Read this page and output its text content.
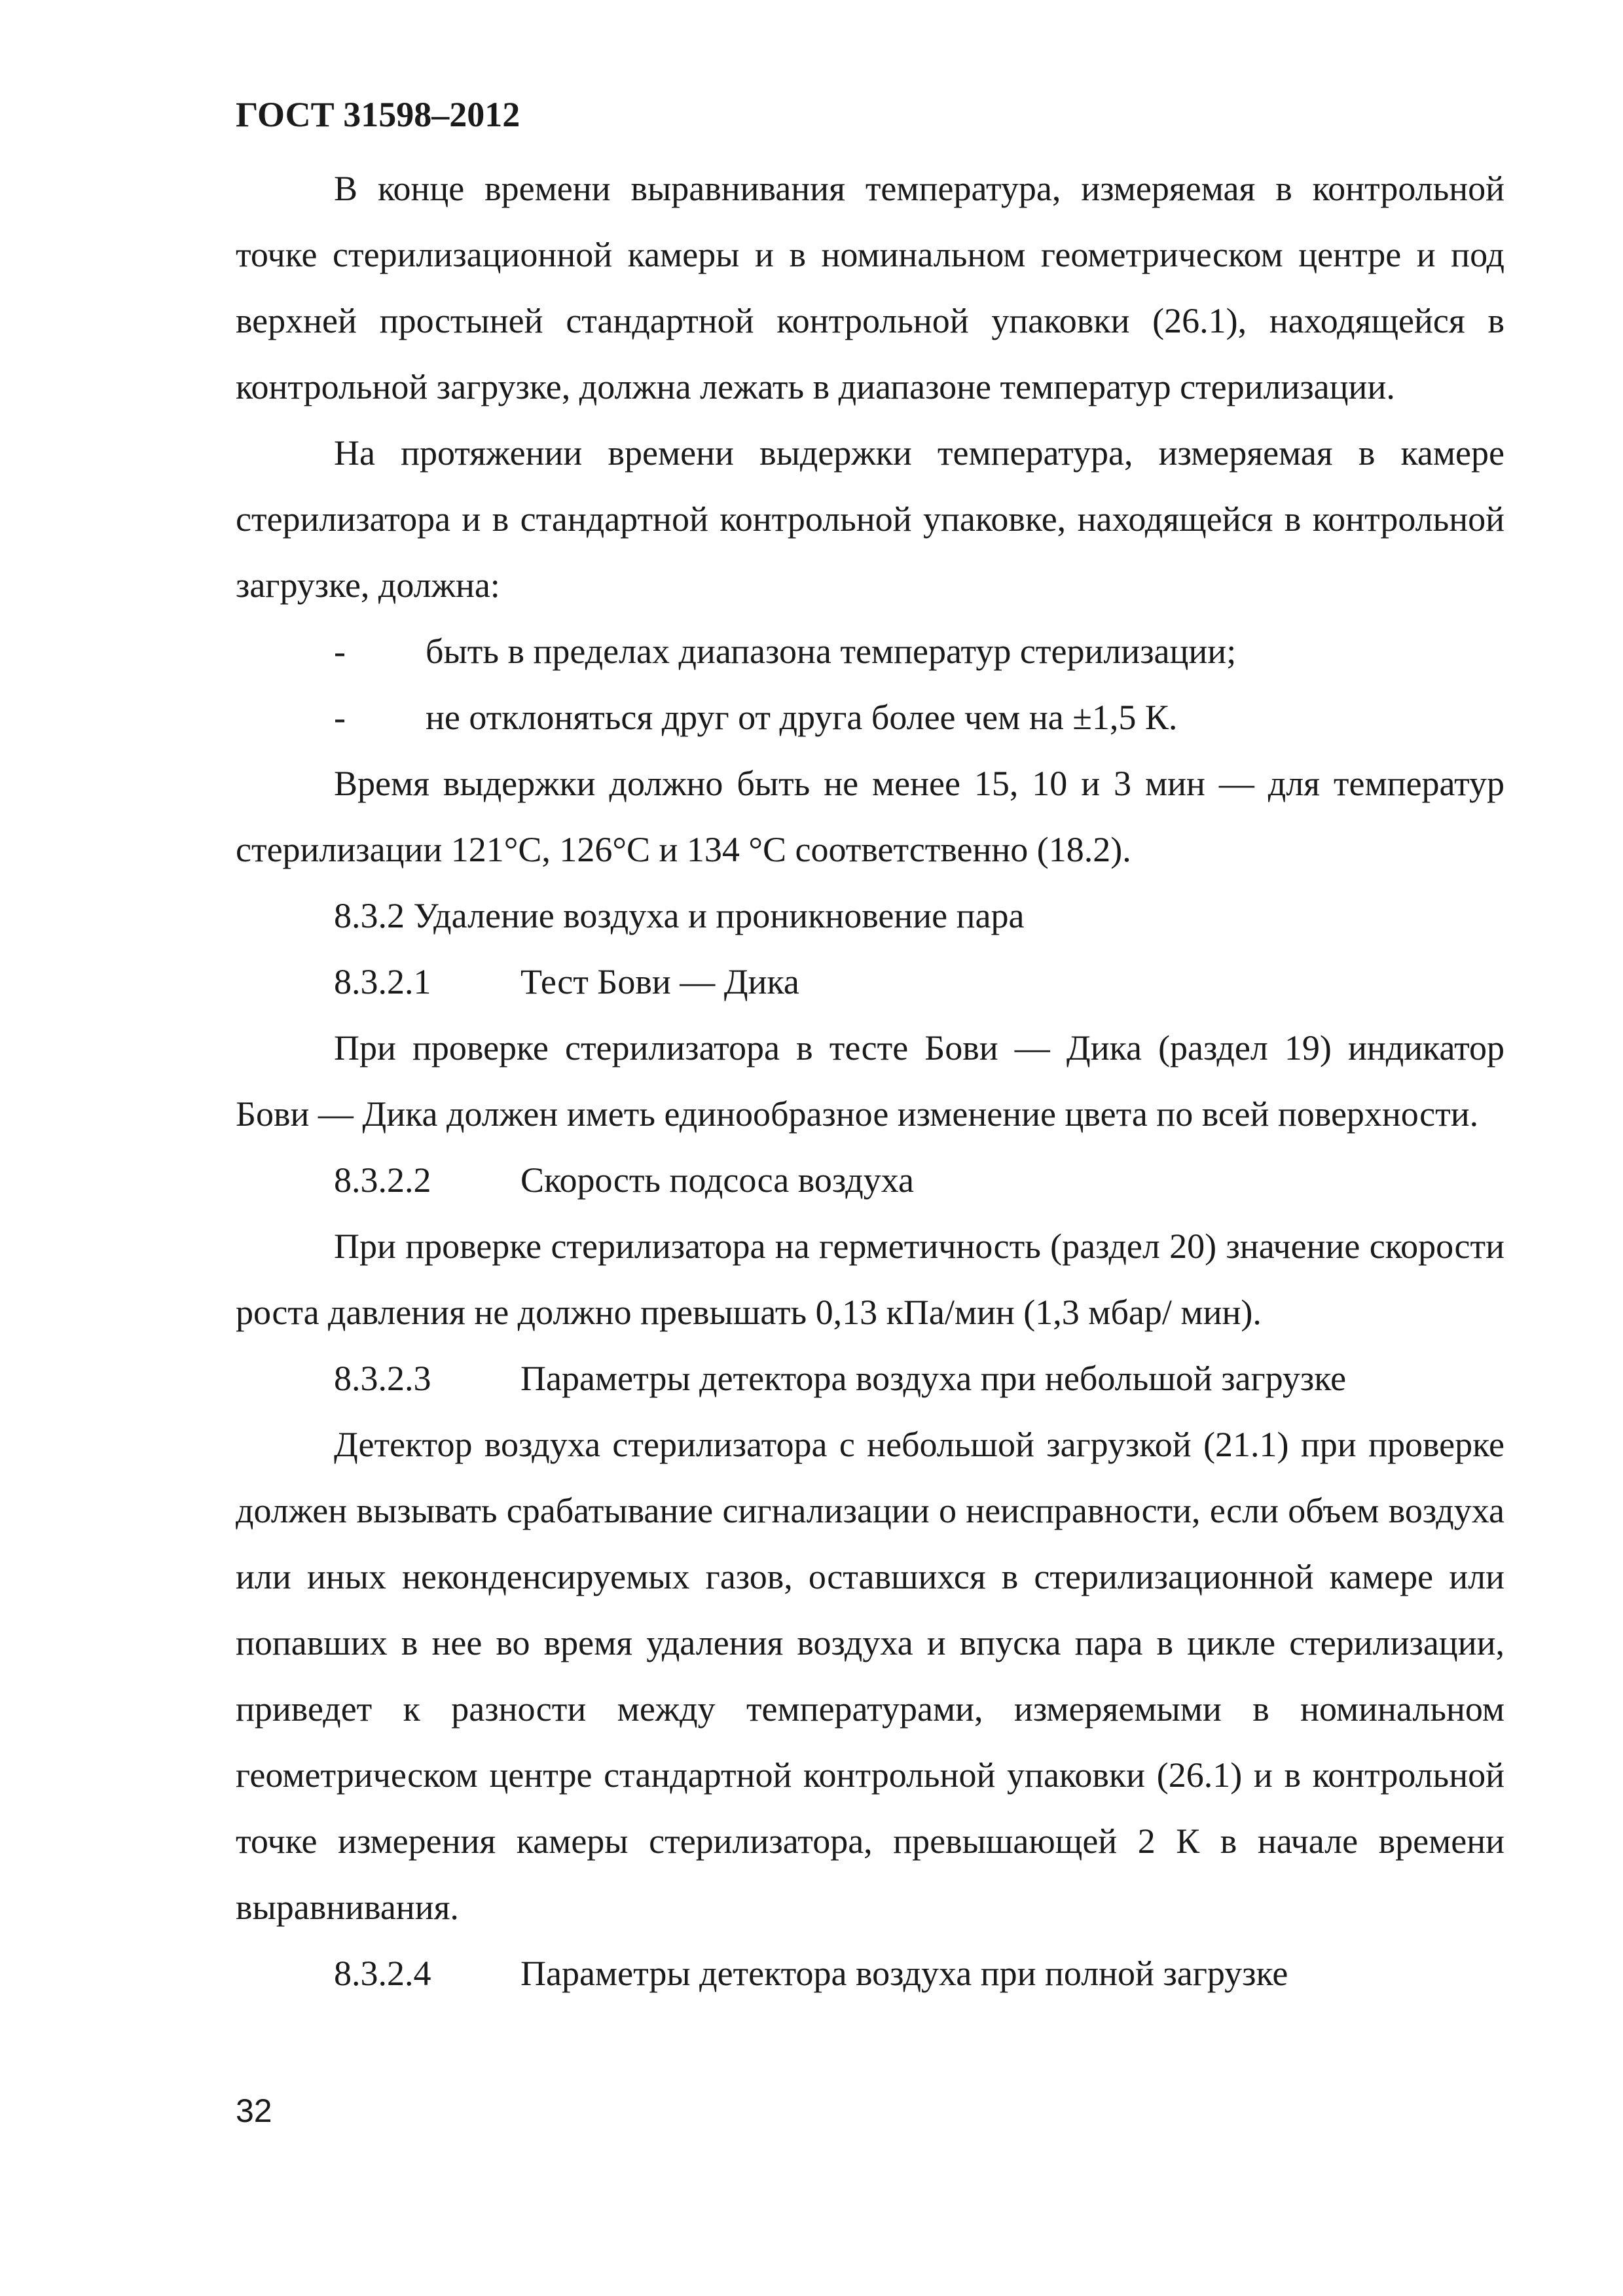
ГОСТ 31598–2012

В конце времени выравнивания температура, измеряемая в контрольной точке стерилизационной камеры и в номинальном геометрическом центре и под верхней простыней стандартной контрольной упаковки (26.1), находящейся в контрольной загрузке, должна лежать в диапазоне температур стерилизации.

На протяжении времени выдержки температура, измеряемая в камере стерилизатора и в стандартной контрольной упаковке, находящейся в контрольной загрузке, должна:

- быть в пределах диапазона температур стерилизации;

- не отклоняться друг от друга более чем на ±1,5 К.

Время выдержки должно быть не менее 15, 10 и 3 мин — для температур стерилизации 121°С, 126°С и 134 °С соответственно (18.2).

8.3.2 Удаление воздуха и проникновение пара

8.3.2.1	Тест Бови — Дика

При проверке стерилизатора в тесте Бови — Дика (раздел 19) индикатор Бови — Дика должен иметь единообразное изменение цвета по всей поверхности.

8.3.2.2	Скорость подсоса воздуха

При проверке стерилизатора на герметичность (раздел 20) значение скорости роста давления не должно превышать 0,13 кПа/мин (1,3 мбар/ мин).

8.3.2.3	Параметры детектора воздуха при небольшой загрузке

Детектор воздуха стерилизатора с небольшой загрузкой (21.1) при проверке должен вызывать срабатывание сигнализации о неисправности, если объем воздуха или иных неконденсируемых газов, оставшихся в стерилизационной камере или попавших в нее во время удаления воздуха и впуска пара в цикле стерилизации, приведет к разности между температурами, измеряемыми в номинальном геометрическом центре стандартной контрольной упаковки (26.1) и в контрольной точке измерения камеры стерилизатора, превышающей 2 К в начале времени выравнивания.

8.3.2.4	Параметры детектора воздуха при полной загрузке

32
